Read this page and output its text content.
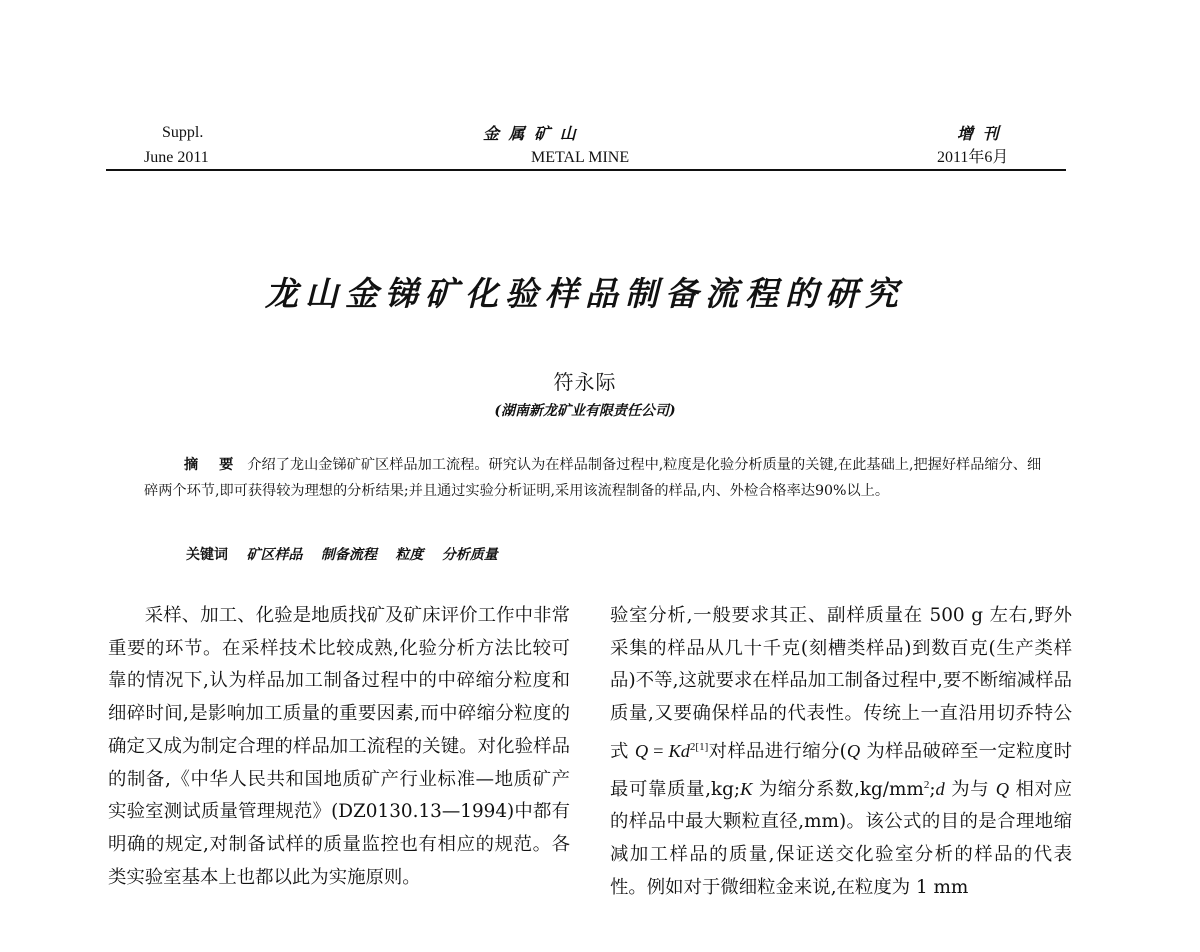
Suppl.
June 2011
金 属 矿 山
METAL MINE
增 刊
2011年6月
龙山金锑矿化验样品制备流程的研究
符永际
(湖南新龙矿业有限责任公司)
摘 要 介绍了龙山金锑矿矿区样品加工流程。研究认为在样品制备过程中,粒度是化验分析质量的关键,在此基础上,把握好样品缩分、细碎两个环节,即可获得较为理想的分析结果;并且通过实验分析证明,采用该流程制备的样品,内、外检合格率达90%以上。
关键词 矿区样品 制备流程 粒度 分析质量
采样、加工、化验是地质找矿及矿床评价工作中非常重要的环节。在采样技术比较成熟,化验分析方法比较可靠的情况下,认为样品加工制备过程中的中碎缩分粒度和细碎时间,是影响加工质量的重要因素,而中碎缩分粒度的确定又成为制定合理的样品加工流程的关键。对化验样品的制备,《中华人民共和国地质矿产行业标准—地质矿产实验室测试质量管理规范》(DZ0130.13—1994)中都有明确的规定,对制备试样的质量监控也有相应的规范。各类实验室基本上也都以此为实施原则。
验室分析,一般要求其正、副样质量在 500 g 左右,野外采集的样品从几十千克(刻槽类样品)到数百克(生产类样品)不等,这就要求在样品加工制备过程中,要不断缩减样品质量,又要确保样品的代表性。传统上一直沿用切乔特公式 $Q = Kd^{2[1]}$对样品进行缩分(Q 为样品破碎至一定粒度时最可靠质量,kg;K 为缩分系数$,kg/mm^2;d$ 为与 Q 相对应的样品中最大颗粒直径,mm)。该公式的目的是合理地缩减加工样品的质量,保证送交化验室分析的样品的代表性。例如对于微细粒金来说,在粒度为 1 mm
